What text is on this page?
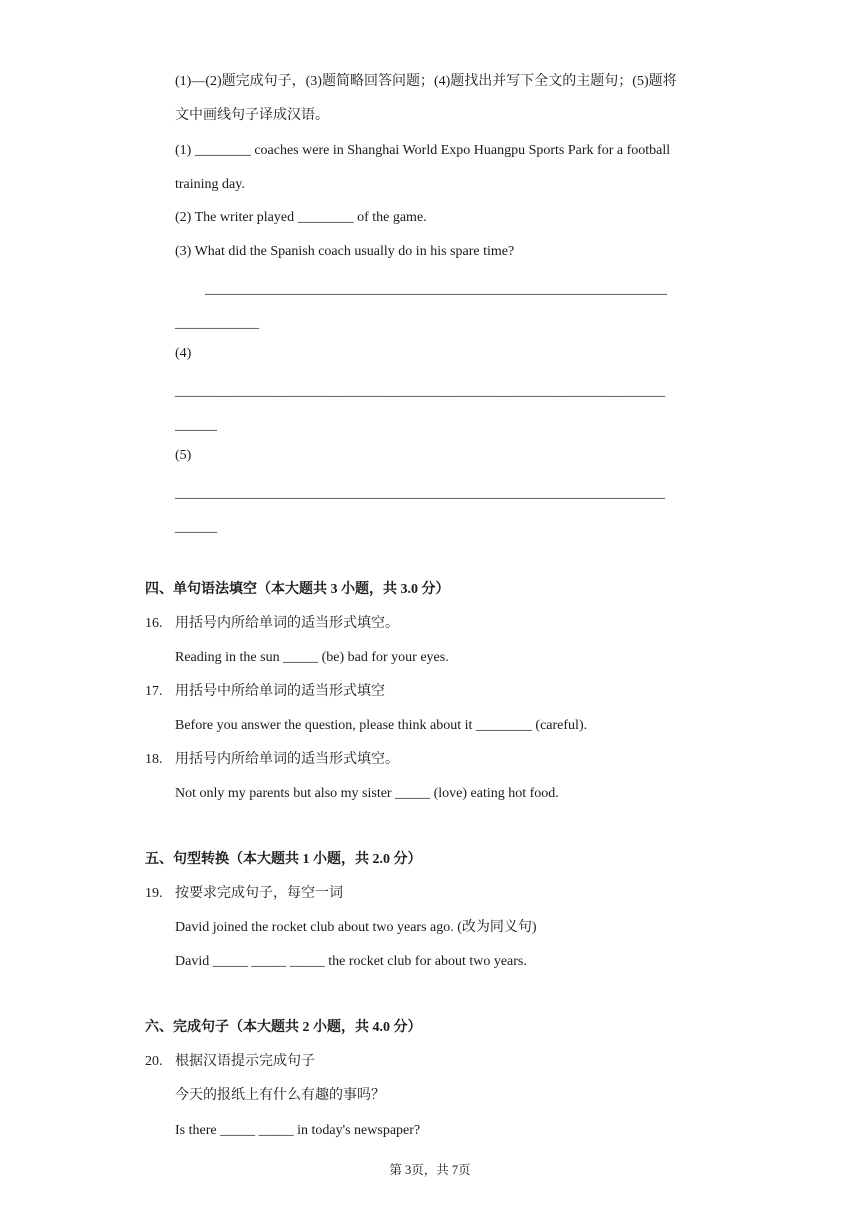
(1)—(2)题完成句子，(3)题简略回答问题；(4)题找出并写下全文的主题句；(5)题将
文中画线句子译成汉语。
(1) ________ coaches were in Shanghai World Expo Huangpu Sports Park for a football
training day.
(2) The writer played ________ of the game.
(3) What did the Spanish coach usually do in his spare time?
__________________________________________________________________
____________
(4)
______________________________________________________________________
______
(5)
______________________________________________________________________
______
四、单句语法填空（本大题共 3 小题，共 3.0 分）
16. 用括号内所给单词的适当形式填空。
Reading in the sun _____ (be) bad for your eyes.
17. 用括号中所给单词的适当形式填空
Before you answer the question, please think about it ________ (careful).
18. 用括号内所给单词的适当形式填空。
Not only my parents but also my sister _____ (love) eating hot food.
五、句型转换（本大题共 1 小题，共 2.0 分）
19. 按要求完成句子，每空一词
David joined the rocket club about two years ago. (改为同义句)
David _____ _____ _____ the rocket club for about two years.
六、完成句子（本大题共 2 小题，共 4.0 分）
20. 根据汉语提示完成句子
今天的报纸上有什么有趣的事吗？
Is there _____ _____ in today's newspaper?
第 3页，共 7页
